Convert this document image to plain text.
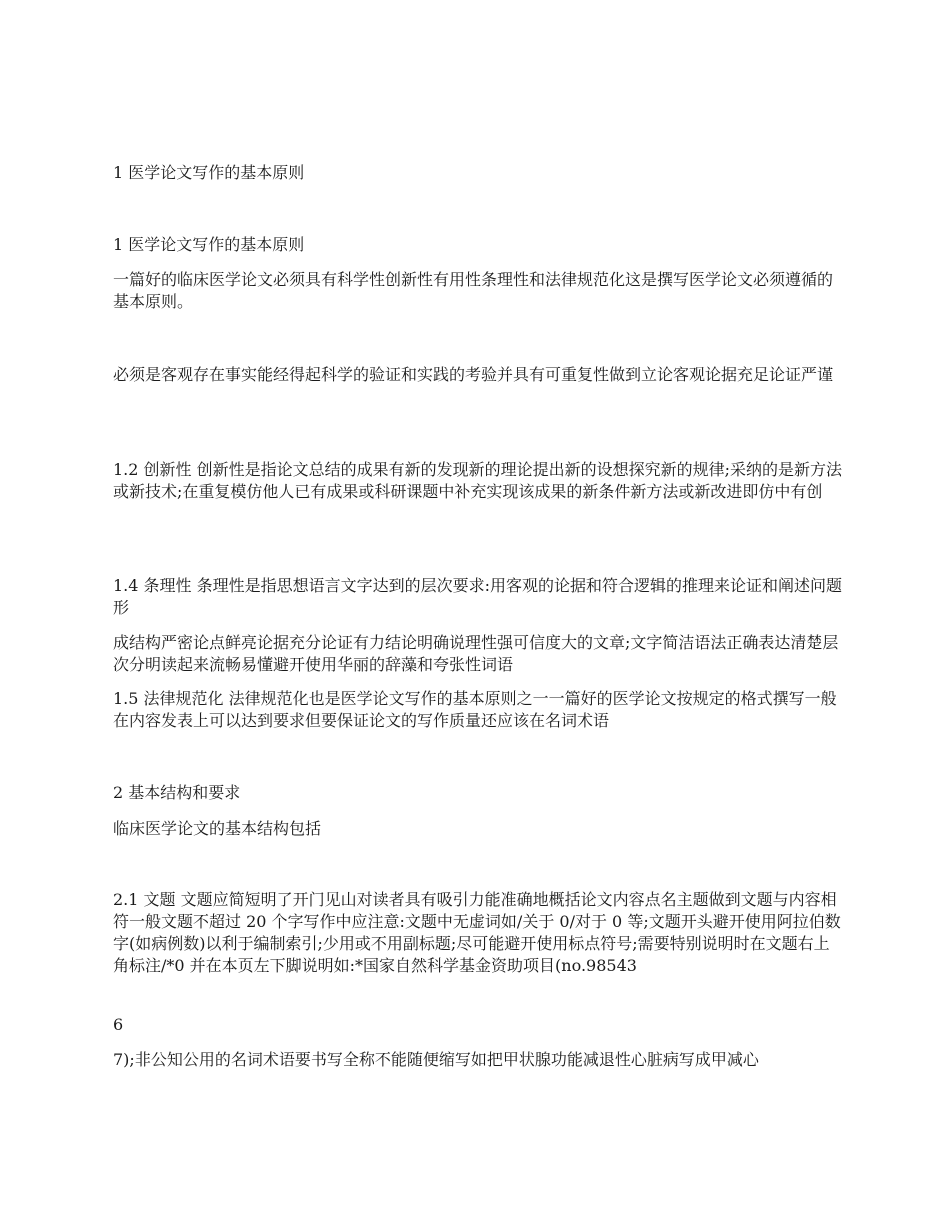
1 医学论文写作的基本原则

1 医学论文写作的基本原则

一篇好的临床医学论文必须具有科学性创新性有用性条理性和法律规范化这是撰写医学论文必须遵循的基本原则。

必须是客观存在事实能经得起科学的验证和实践的考验并具有可重复性做到立论客观论据充足论证严谨

1.2 创新性 创新性是指论文总结的成果有新的发现新的理论提出新的设想探究新的规律;采纳的是新方法或新技术;在重复模仿他人已有成果或科研课题中补充实现该成果的新条件新方法或新改进即仿中有创

1.4 条理性 条理性是指思想语言文字达到的层次要求:用客观的论据和符合逻辑的推理来论证和阐述问题形

成结构严密论点鲜亮论据充分论证有力结论明确说理性强可信度大的文章;文字简洁语法正确表达清楚层次分明读起来流畅易懂避开使用华丽的辞藻和夸张性词语

1.5 法律规范化 法律规范化也是医学论文写作的基本原则之一一篇好的医学论文按规定的格式撰写一般在内容发表上可以达到要求但要保证论文的写作质量还应该在名词术语

2 基本结构和要求

临床医学论文的基本结构包括

2.1 文题 文题应简短明了开门见山对读者具有吸引力能准确地概括论文内容点名主题做到文题与内容相符一般文题不超过 20 个字写作中应注意:文题中无虚词如/关于 0/对于 0 等;文题开头避开使用阿拉伯数字(如病例数)以利于编制索引;少用或不用副标题;尽可能避开使用标点符号;需要特别说明时在文题右上角标注/*0 并在本页左下脚说明如:*国家自然科学基金资助项目(no.98543

6

7);非公知公用的名词术语要书写全称不能随便缩写如把甲状腺功能减退性心脏病写成甲减心
